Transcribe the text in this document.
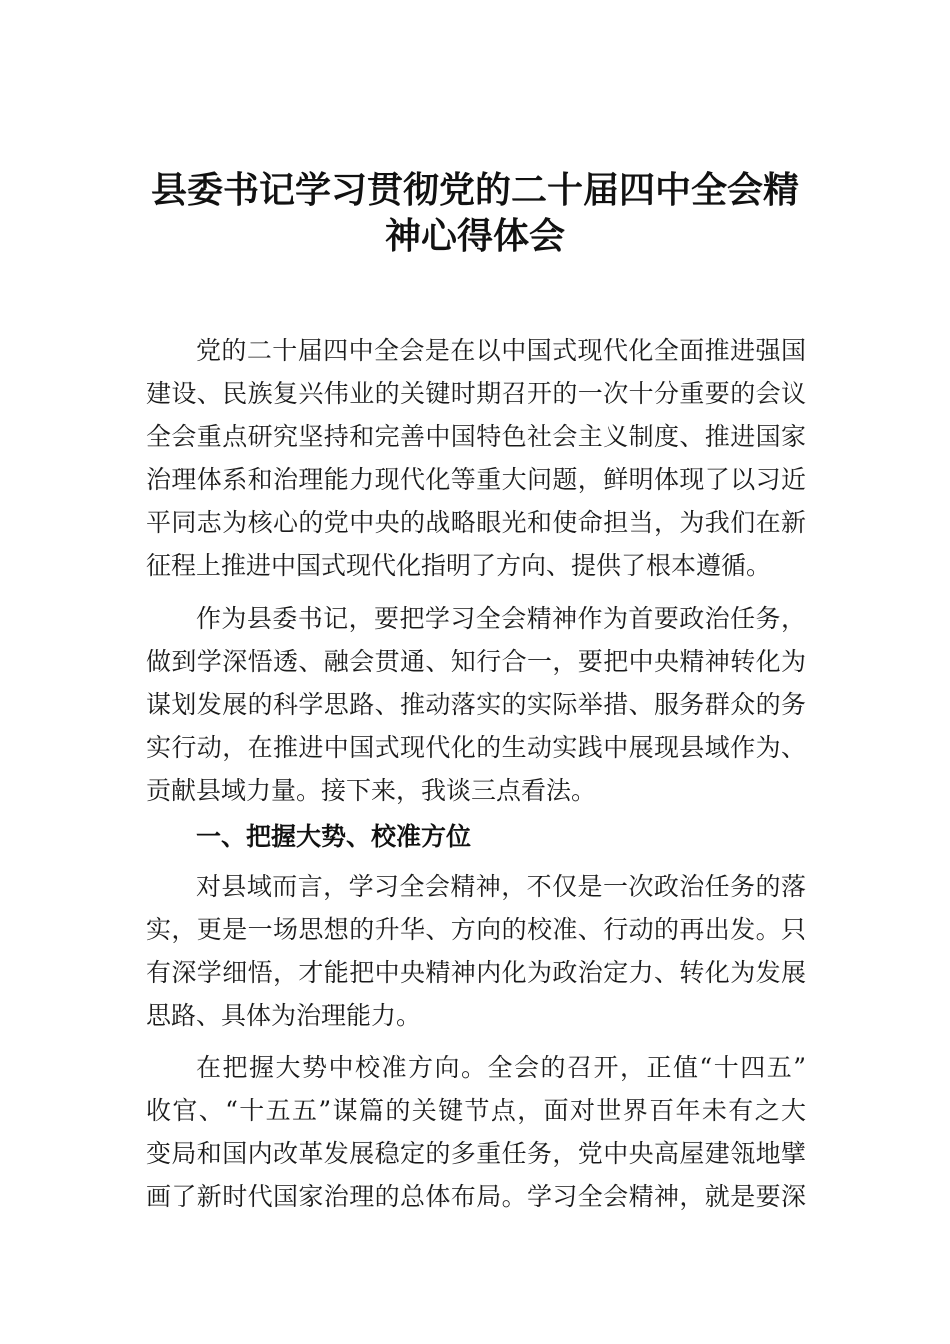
县委书记学习贯彻党的二十届四中全会精
神心得体会

党的二十届四中全会是在以中国式现代化全面推进强国

建设、民族复兴伟业的关键时期召开的一次十分重要的会议

全会重点研究坚持和完善中国特色社会主义制度、推进国家

治理体系和治理能力现代化等重大问题，鲜明体现了以习近

平同志为核心的党中央的战略眼光和使命担当，为我们在新

征程上推进中国式现代化指明了方向、提供了根本遵循。

作为县委书记，要把学习全会精神作为首要政治任务，

做到学深悟透、融会贯通、知行合一，要把中央精神转化为

谋划发展的科学思路、推动落实的实际举措、服务群众的务

实行动，在推进中国式现代化的生动实践中展现县域作为、

贡献县域力量。接下来，我谈三点看法。

一、把握大势、校准方位

对县域而言，学习全会精神，不仅是一次政治任务的落

实，更是一场思想的升华、方向的校准、行动的再出发。只

有深学细悟，才能把中央精神内化为政治定力、转化为发展

思路、具体为治理能力。

在把握大势中校准方向。全会的召开，正值“十四五”

收官、“十五五”谋篇的关键节点，面对世界百年未有之大

变局和国内改革发展稳定的多重任务，党中央高屋建瓴地擘

画了新时代国家治理的总体布局。学习全会精神，就是要深
